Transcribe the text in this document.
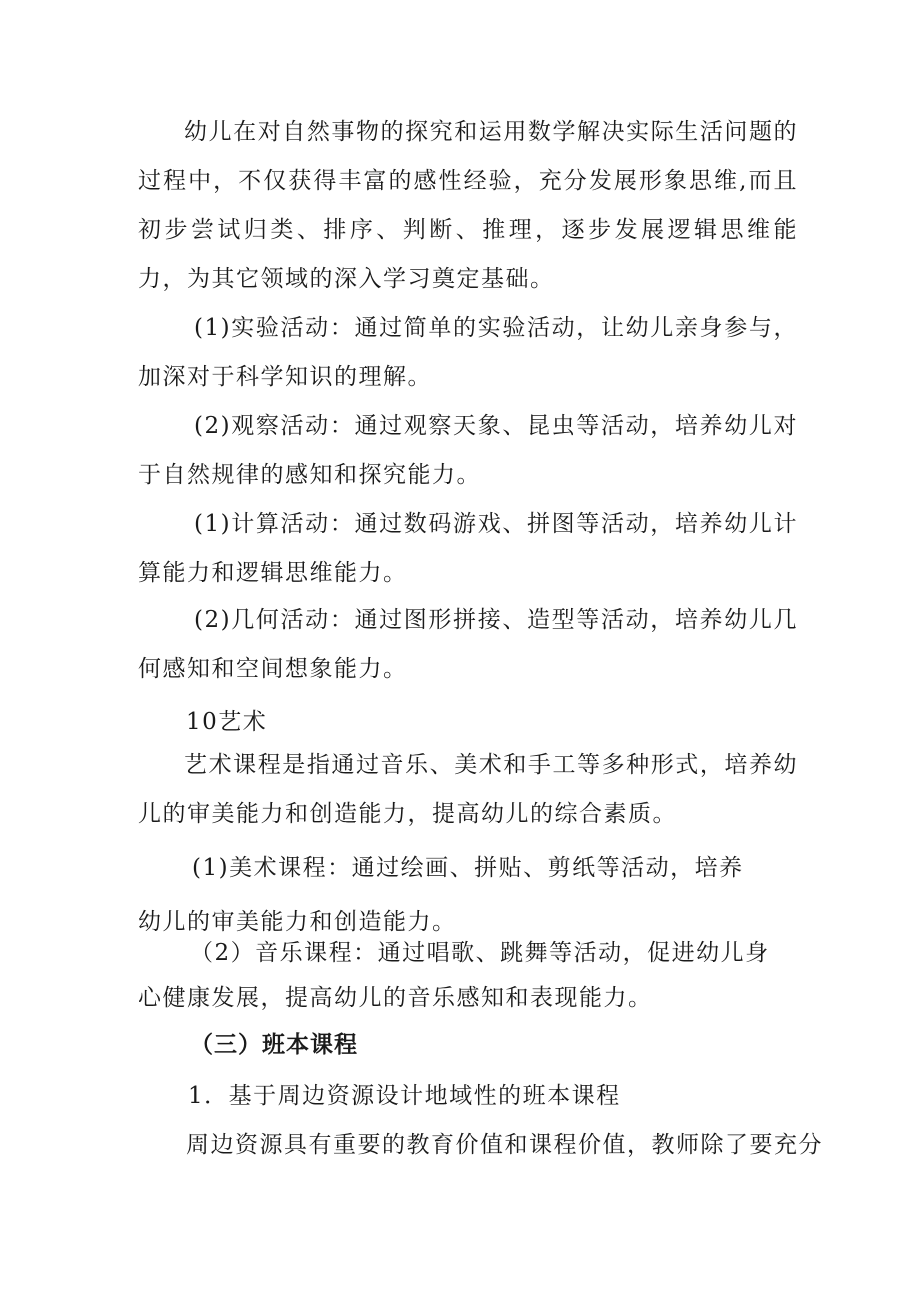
幼儿在对自然事物的探究和运用数学解决实际生活问题的过程中，不仅获得丰富的感性经验，充分发展形象思维,而且初步尝试归类、排序、判断、推理，逐步发展逻辑思维能力，为其它领域的深入学习奠定基础。

(1)实验活动：通过简单的实验活动，让幼儿亲身参与，加深对于科学知识的理解。

(2)观察活动：通过观察天象、昆虫等活动，培养幼儿对于自然规律的感知和探究能力。

(1)计算活动：通过数码游戏、拼图等活动，培养幼儿计算能力和逻辑思维能力。

(2)几何活动：通过图形拼接、造型等活动，培养幼儿几何感知和空间想象能力。

10艺术

艺术课程是指通过音乐、美术和手工等多种形式，培养幼儿的审美能力和创造能力，提高幼儿的综合素质。

(1)美术课程：通过绘画、拼贴、剪纸等活动，培养

幼儿的审美能力和创造能力。

（2）音乐课程：通过唱歌、跳舞等活动，促进幼儿身

心健康发展，提高幼儿的音乐感知和表现能力。

（三）班本课程

1．基于周边资源设计地域性的班本课程

周边资源具有重要的教育价值和课程价值，教师除了要充分
